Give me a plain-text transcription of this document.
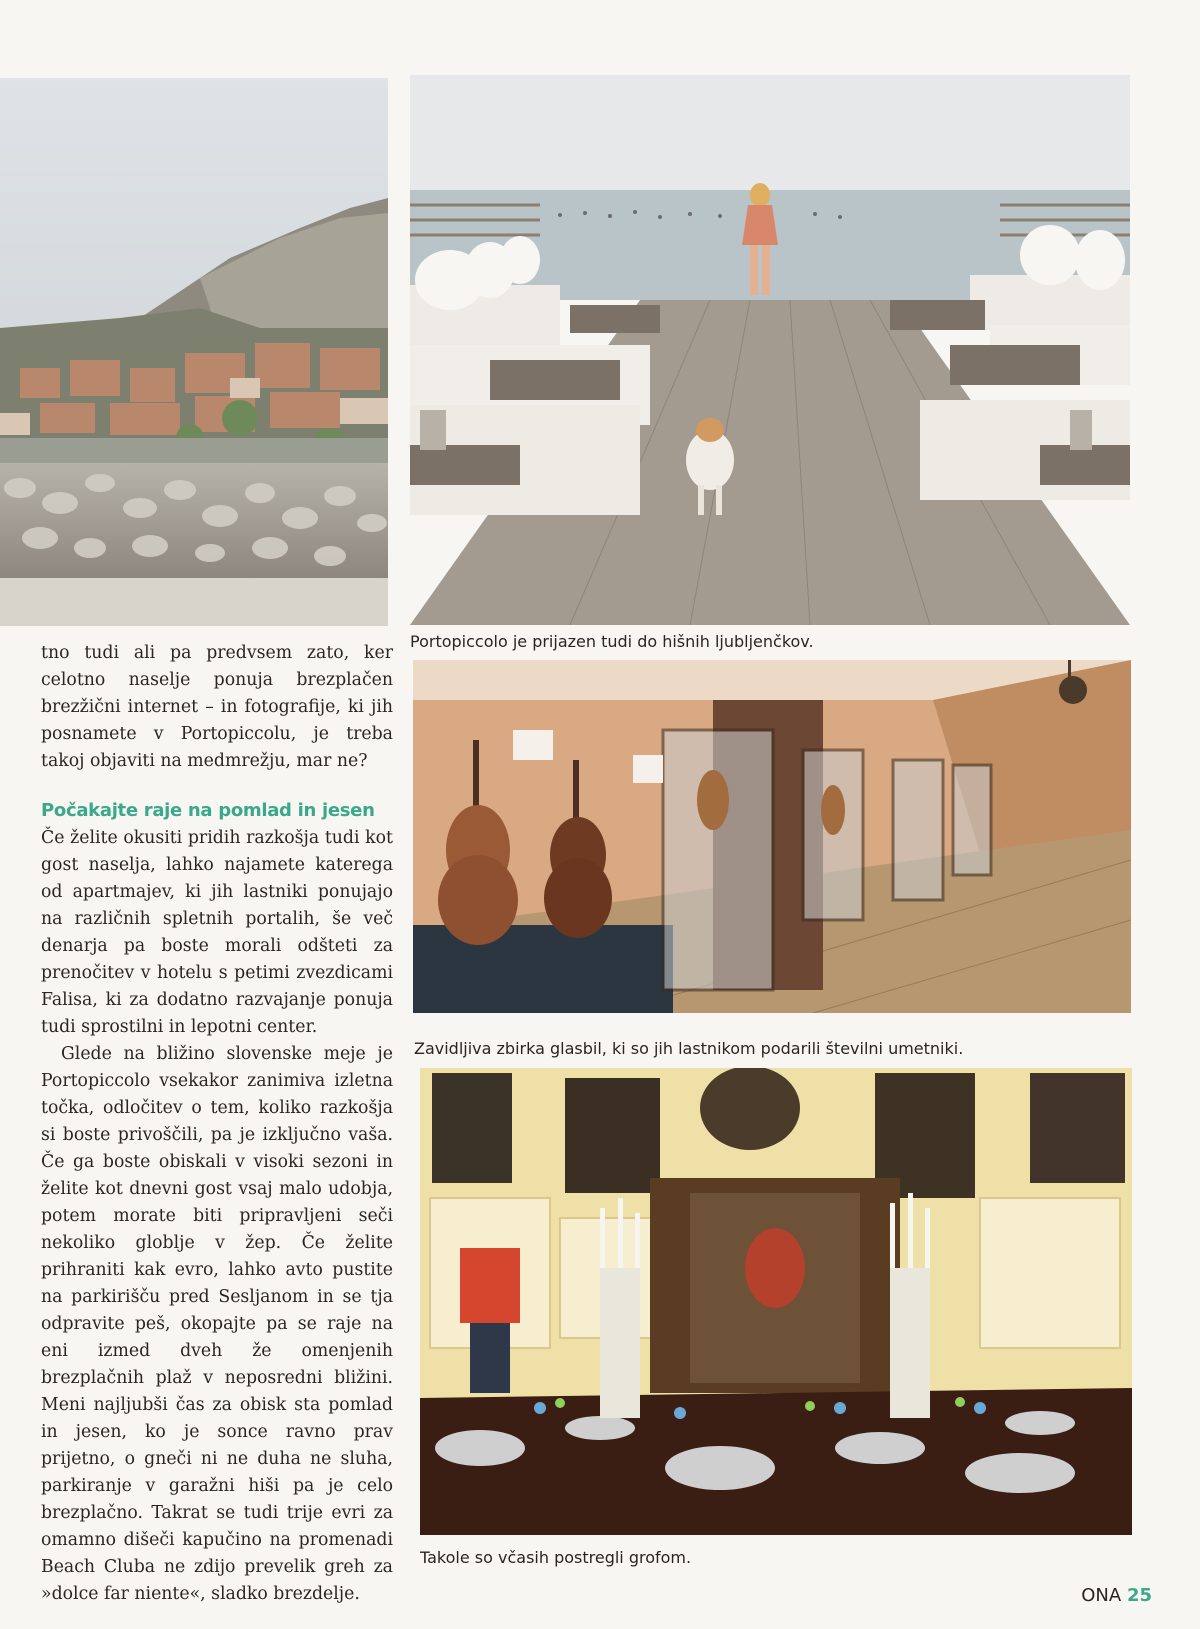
Portopiccolo je prijazen tudi do hišnih ljubljenčkov.

Zavidljiva zbirka glasbil, ki so jih lastnikom podarili številni umetniki.

Takole so včasih postregli grofom.

tno tudi ali pa predvsem zato, ker celotno naselje ponuja brezplačen brezžični internet – in fotografije, ki jih posnamete v Portopiccolu, je treba takoj objaviti na medmrežju, mar ne?

Počakajte raje na pomlad in jesen

Če želite okusiti pridih razkošja tudi kot gost naselja, lahko najamete katerega od apartmajev, ki jih lastniki ponujajo na različnih spletnih portalih, še več denarja pa boste morali odšteti za prenočitev v hotelu s petimi zvezdicami Falisa, ki za dodatno razvajanje ponuja tudi sprostilni in lepotni center.

Glede na bližino slovenske meje je Portopiccolo vsekakor zanimiva izletna točka, odločitev o tem, koliko razkošja si boste privoščili, pa je izključno vaša. Če ga boste obiskali v visoki sezoni in želite kot dnevni gost vsaj malo udobja, potem morate biti pripravljeni seči nekoliko globlje v žep. Če želite prihraniti kak evro, lahko avto pustite na parkirišču pred Sesljanom in se tja odpravite peš, okopajte pa se raje na eni izmed dveh že omenjenih brezplačnih plaž v neposredni bližini. Meni najljubši čas za obisk sta pomlad in jesen, ko je sonce ravno prav prijetno, o gneči ni ne duha ne sluha, parkiranje v garažni hiši pa je celo brezplačno. Takrat se tudi trije evri za omamno dišeči kapučino na promenadi Beach Cluba ne zdijo prevelik greh za »dolce far niente«, sladko brezdelje.	ONA 25
